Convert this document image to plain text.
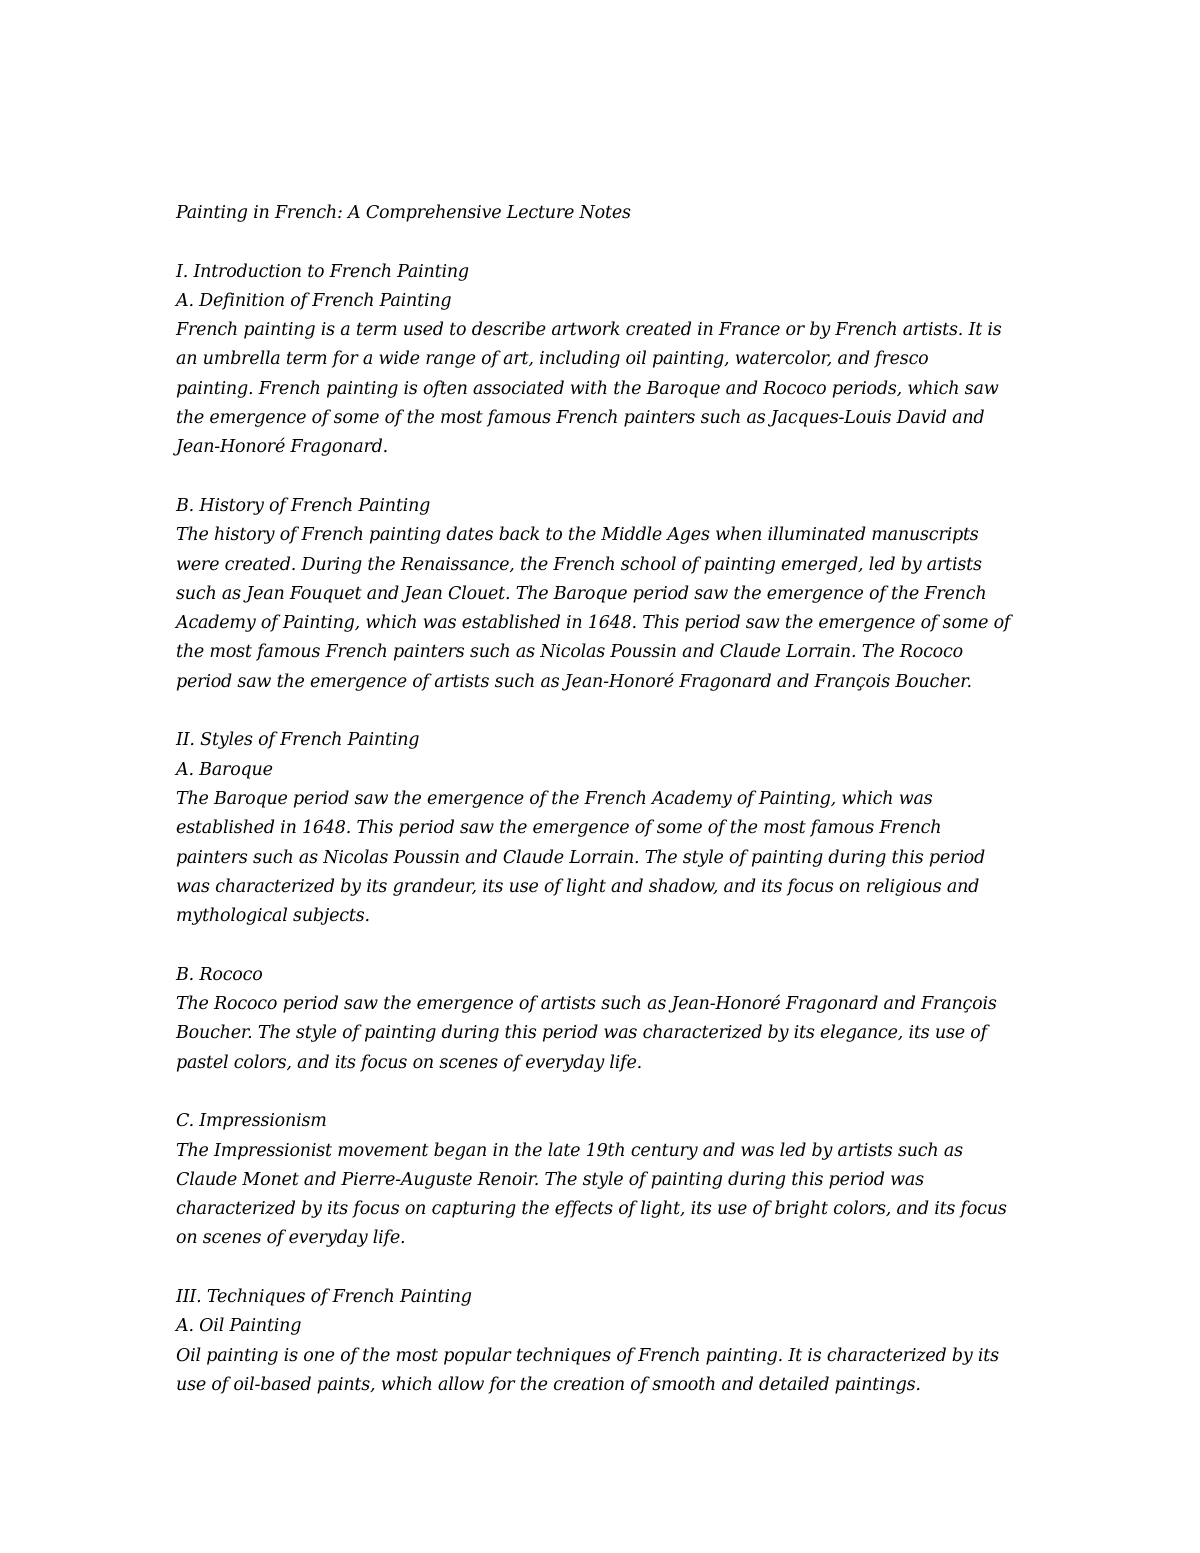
Painting in French: A Comprehensive Lecture Notes
I. Introduction to French Painting
A. Definition of French Painting
French painting is a term used to describe artwork created in France or by French artists. It is
an umbrella term for a wide range of art, including oil painting, watercolor, and fresco
painting. French painting is often associated with the Baroque and Rococo periods, which saw
the emergence of some of the most famous French painters such as Jacques-Louis David and
Jean-Honoré Fragonard.
B. History of French Painting
The history of French painting dates back to the Middle Ages when illuminated manuscripts
were created. During the Renaissance, the French school of painting emerged, led by artists
such as Jean Fouquet and Jean Clouet. The Baroque period saw the emergence of the French
Academy of Painting, which was established in 1648. This period saw the emergence of some of
the most famous French painters such as Nicolas Poussin and Claude Lorrain. The Rococo
period saw the emergence of artists such as Jean-Honoré Fragonard and François Boucher.
II. Styles of French Painting
A. Baroque
The Baroque period saw the emergence of the French Academy of Painting, which was
established in 1648. This period saw the emergence of some of the most famous French
painters such as Nicolas Poussin and Claude Lorrain. The style of painting during this period
was characterized by its grandeur, its use of light and shadow, and its focus on religious and
mythological subjects.
B. Rococo
The Rococo period saw the emergence of artists such as Jean-Honoré Fragonard and François
Boucher. The style of painting during this period was characterized by its elegance, its use of
pastel colors, and its focus on scenes of everyday life.
C. Impressionism
The Impressionist movement began in the late 19th century and was led by artists such as
Claude Monet and Pierre-Auguste Renoir. The style of painting during this period was
characterized by its focus on capturing the effects of light, its use of bright colors, and its focus
on scenes of everyday life.
III. Techniques of French Painting
A. Oil Painting
Oil painting is one of the most popular techniques of French painting. It is characterized by its
use of oil-based paints, which allow for the creation of smooth and detailed paintings.
